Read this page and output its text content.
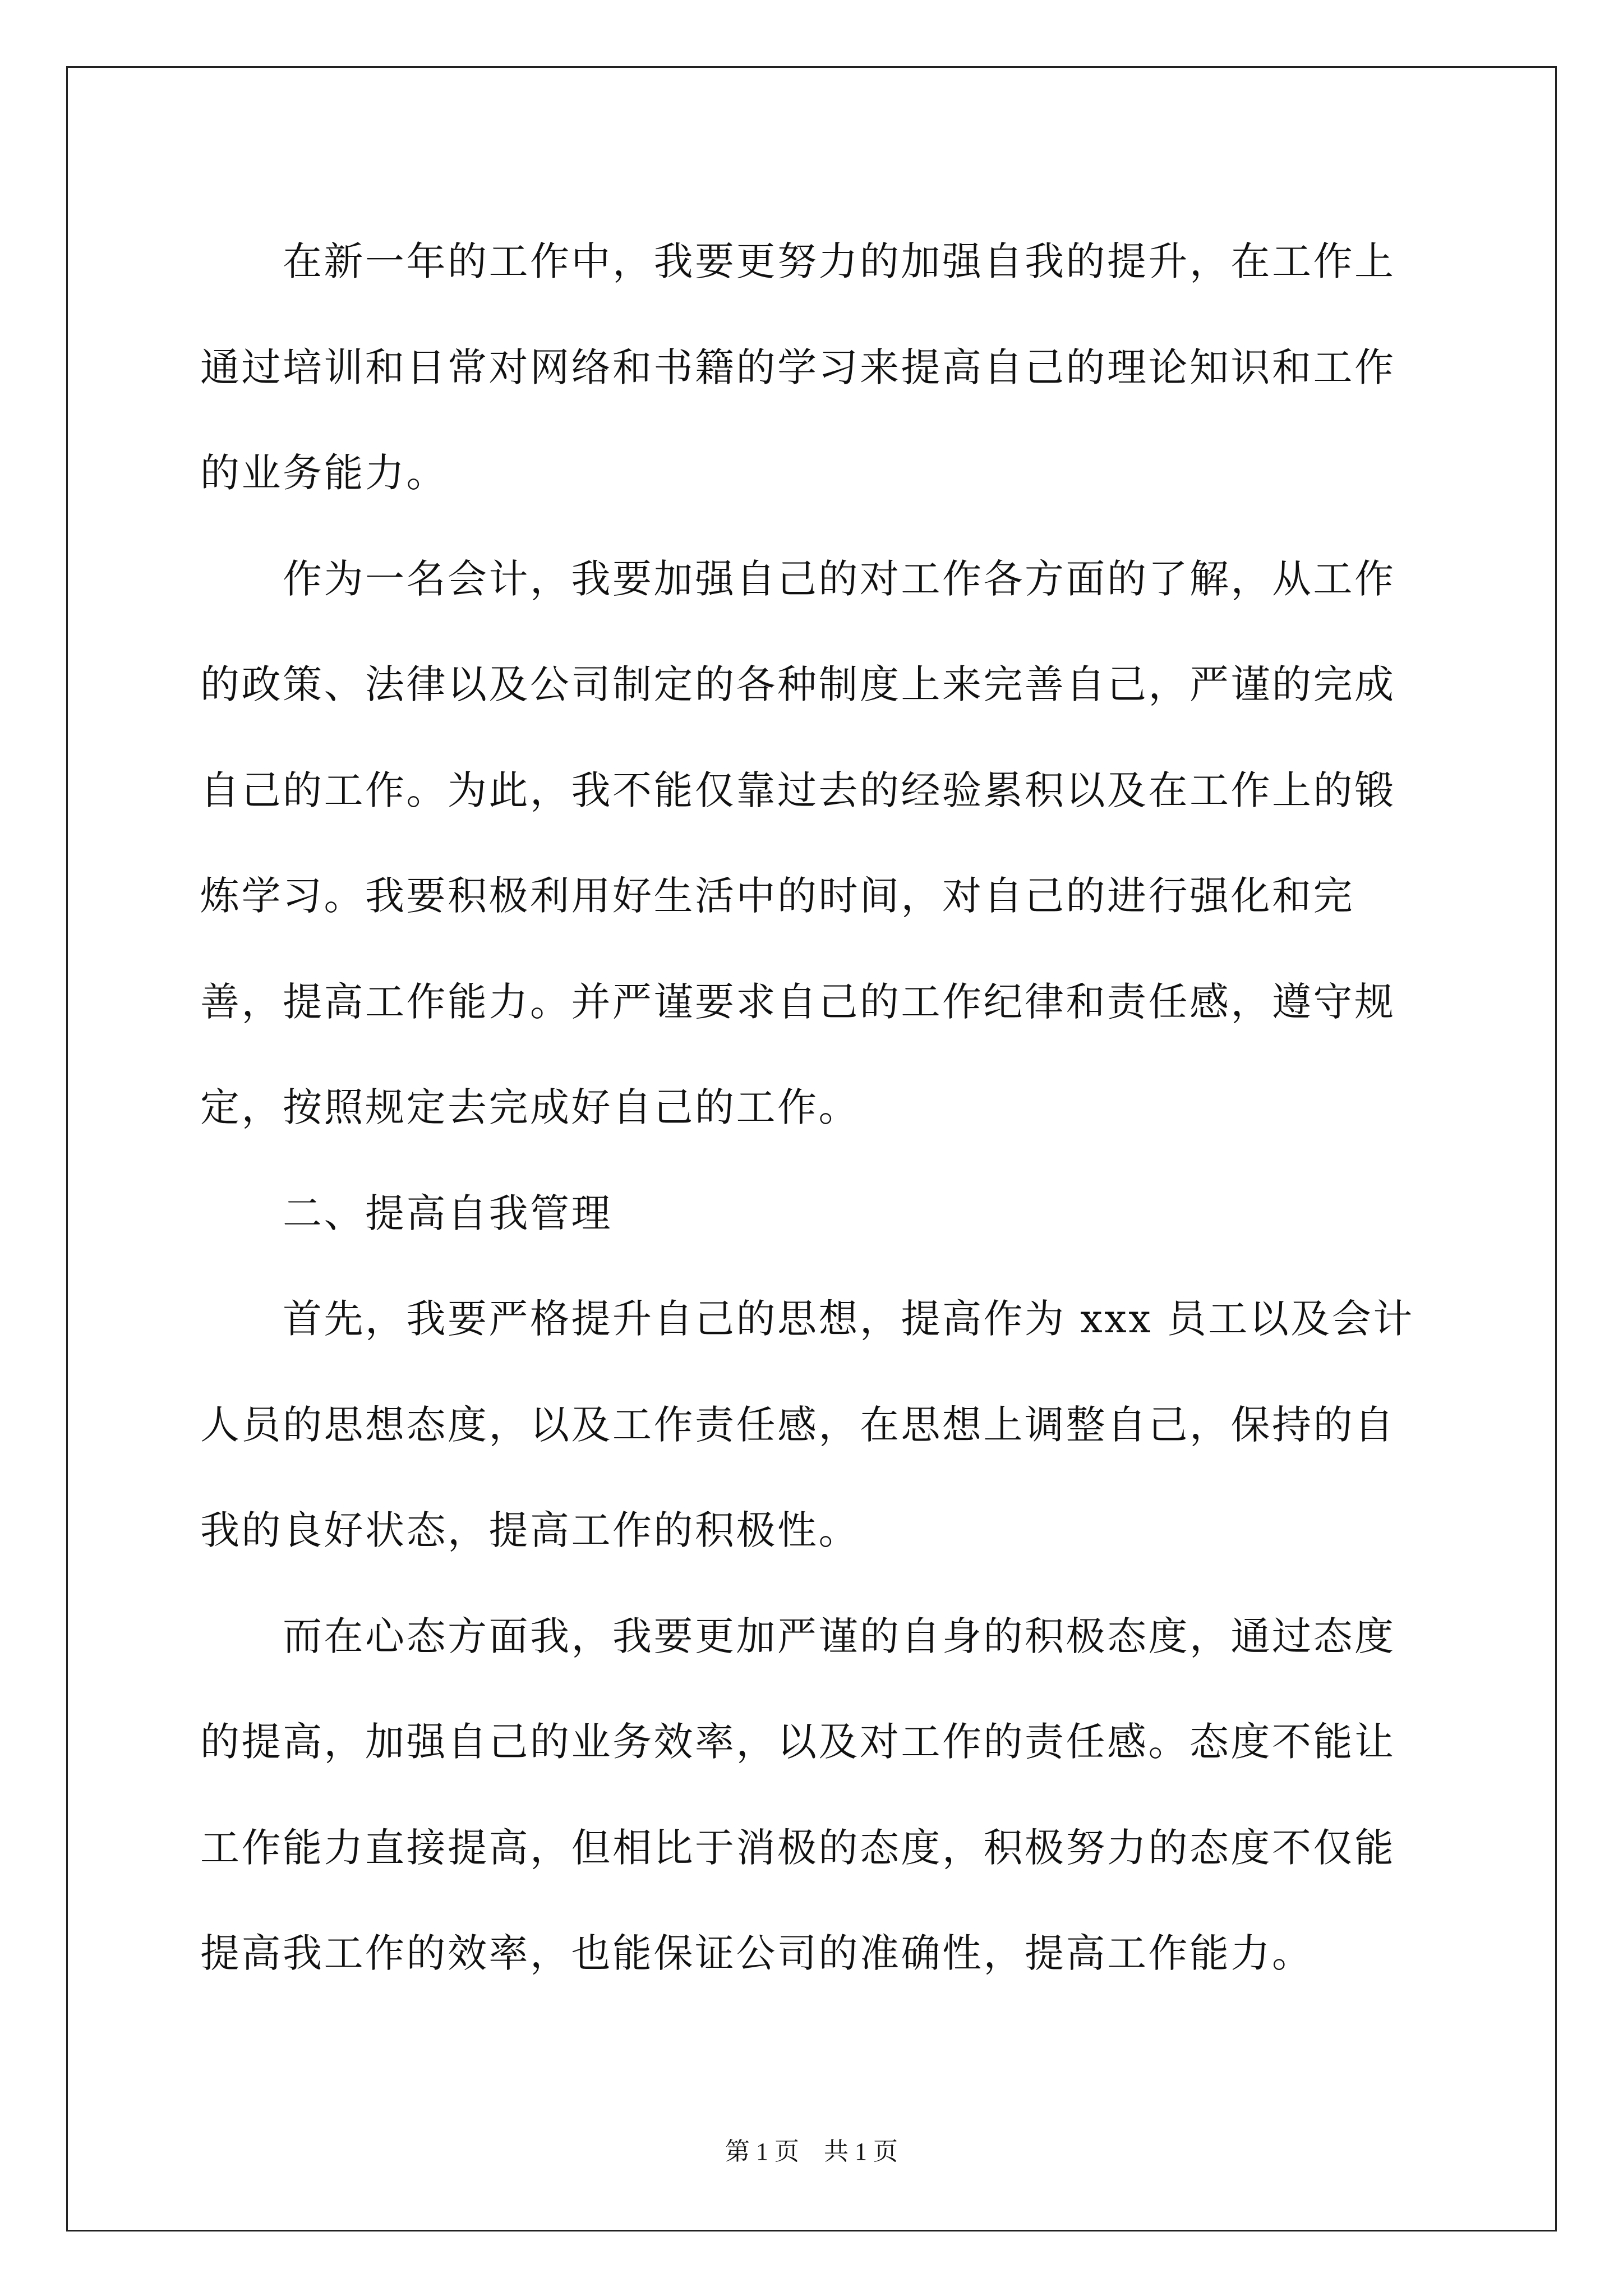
在新一年的工作中，我要更努力的加强自我的提升，在工作上通过培训和日常对网络和书籍的学习来提高自己的理论知识和工作的业务能力。

作为一名会计，我要加强自己的对工作各方面的了解，从工作的政策、法律以及公司制定的各种制度上来完善自己，严谨的完成自己的工作。为此，我不能仅靠过去的经验累积以及在工作上的锻炼学习。我要积极利用好生活中的时间，对自己的进行强化和完善，提高工作能力。并严谨要求自己的工作纪律和责任感，遵守规定，按照规定去完成好自己的工作。

二、提高自我管理

首先，我要严格提升自己的思想，提高作为 xxx 员工以及会计人员的思想态度，以及工作责任感，在思想上调整自己，保持的自我的良好状态，提高工作的积极性。

而在心态方面我，我要更加严谨的自身的积极态度，通过态度的提高，加强自己的业务效率，以及对工作的责任感。态度不能让工作能力直接提高，但相比于消极的态度，积极努力的态度不仅能提高我工作的效率，也能保证公司的准确性，提高工作能力。

第 1 页　共 1 页
